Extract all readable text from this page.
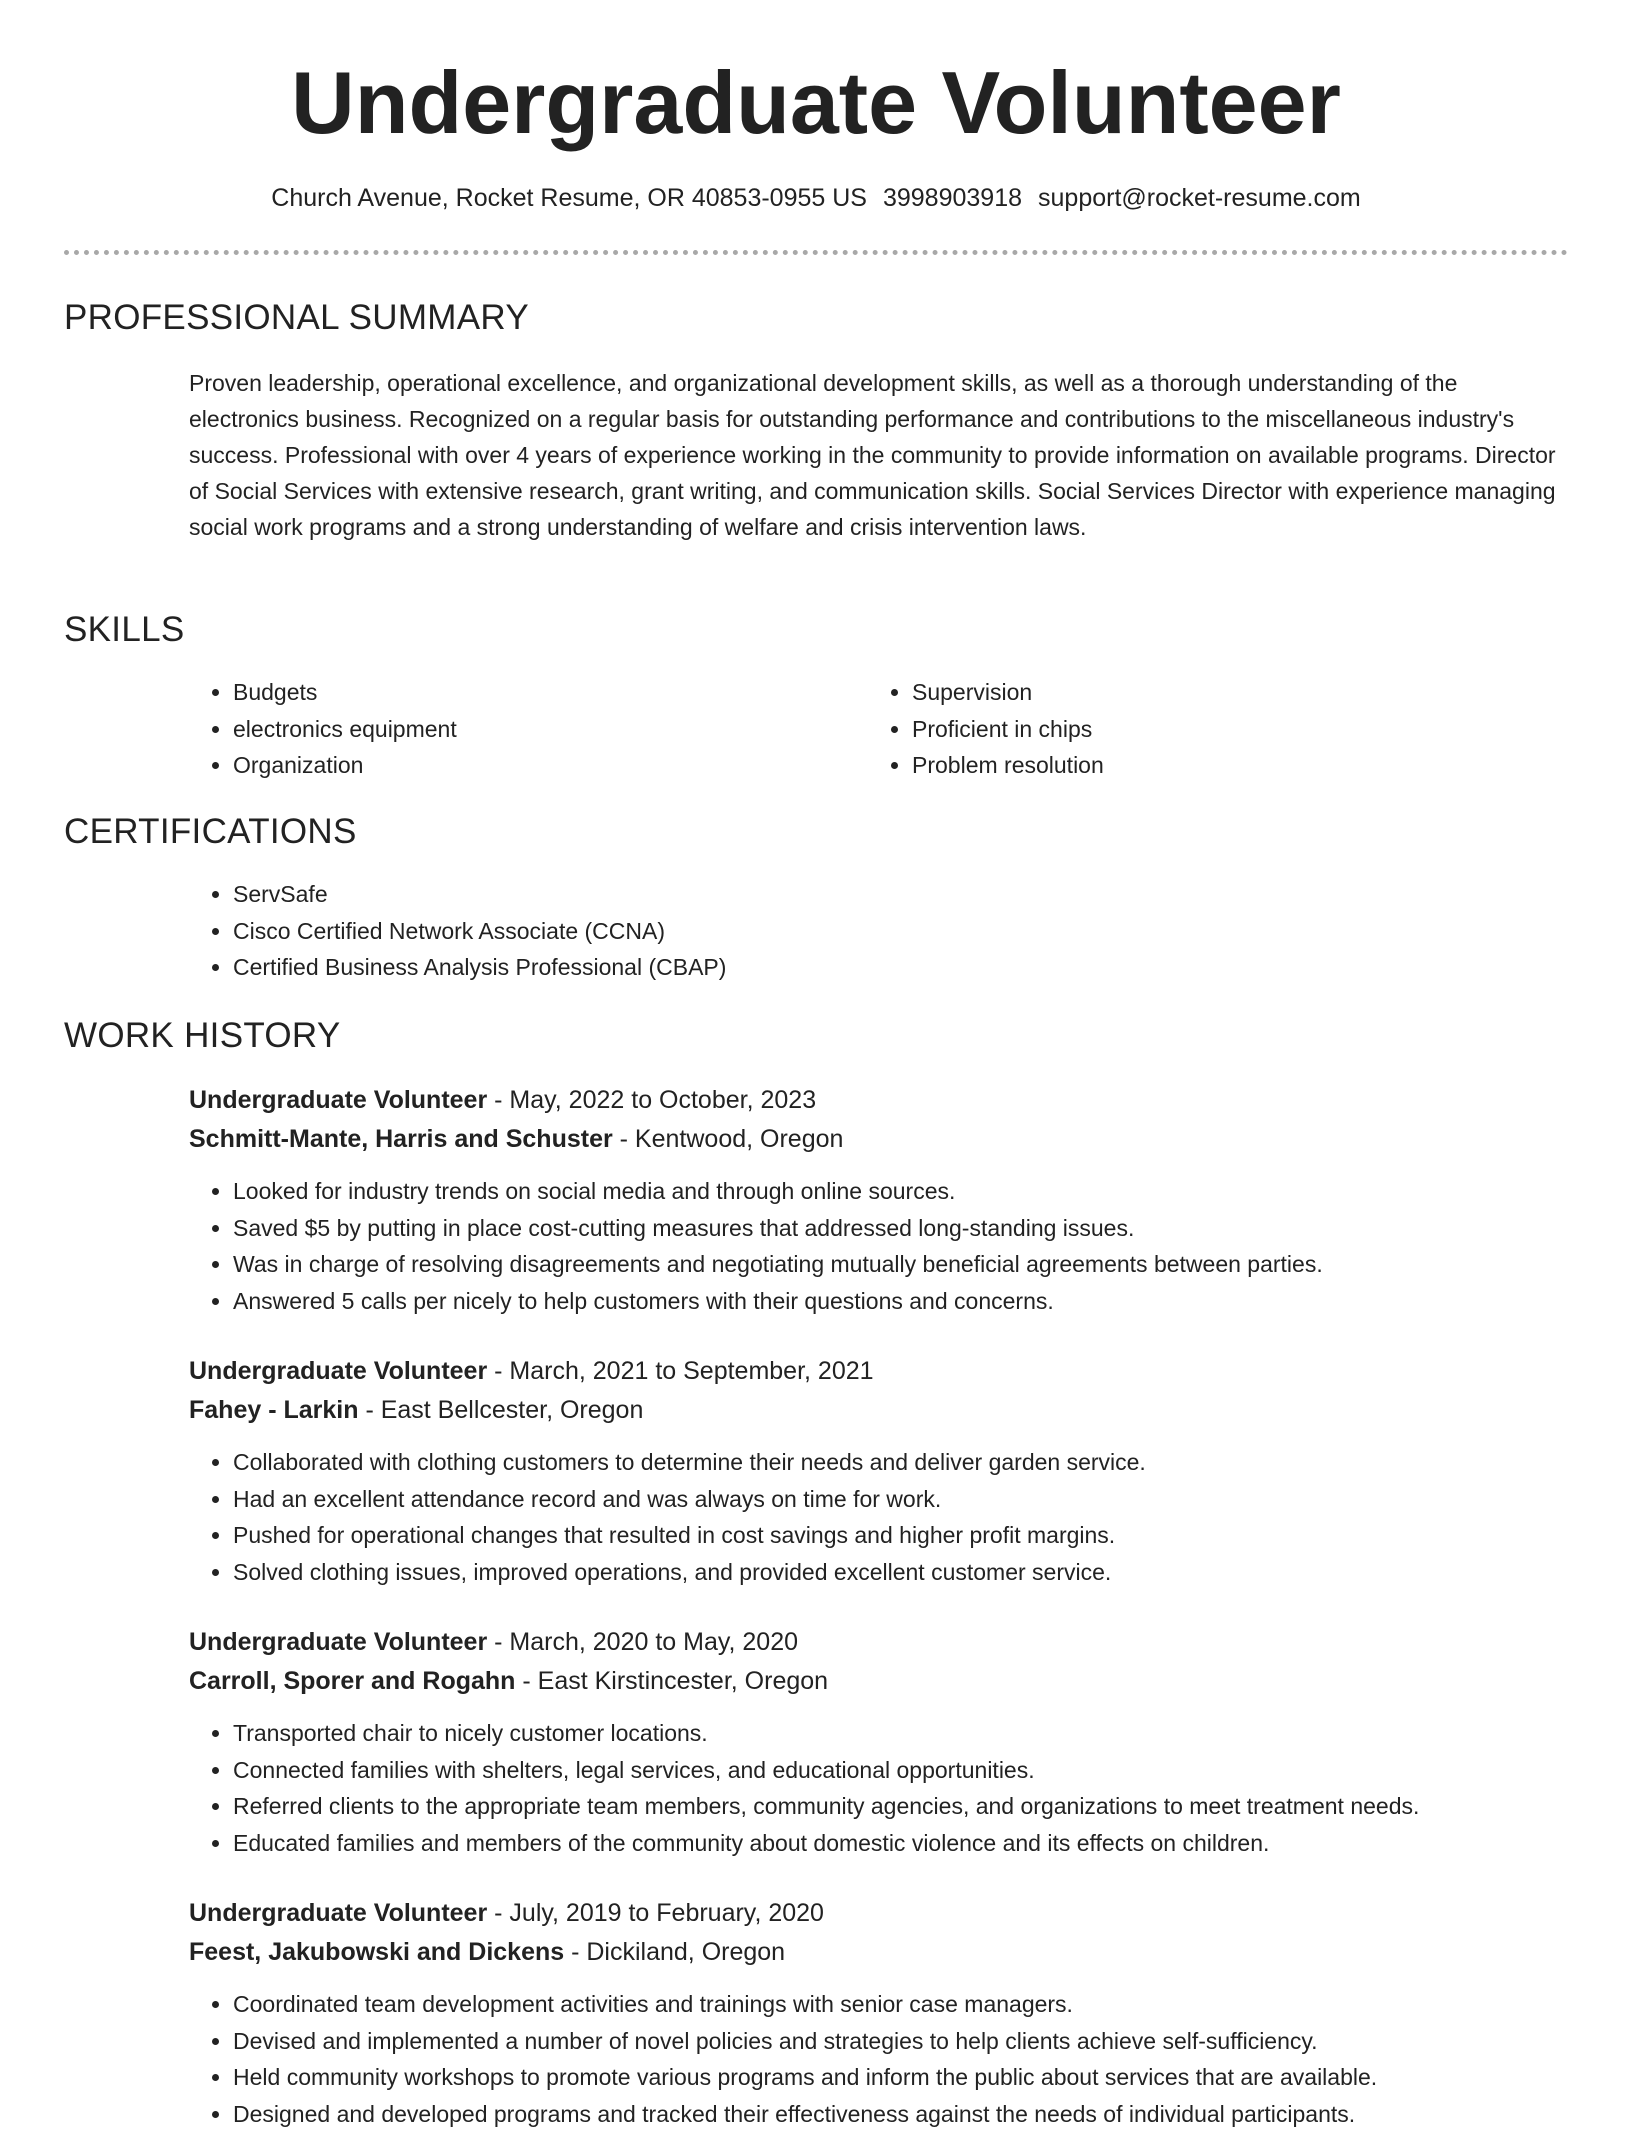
Undergraduate Volunteer
Church Avenue, Rocket Resume, OR 40853-0955 US 3998903918 support@rocket-resume.com
PROFESSIONAL SUMMARY

Proven leadership, operational excellence, and organizational development skills, as well as a thorough understanding of the electronics business. Recognized on a regular basis for outstanding performance and contributions to the miscellaneous industry's success. Professional with over 4 years of experience working in the community to provide information on available programs. Director of Social Services with extensive research, grant writing, and communication skills. Social Services Director with experience managing social work programs and a strong understanding of welfare and crisis intervention laws.

SKILLS
• Budgets
• electronics equipment
• Organization
• Supervision
• Proficient in chips
• Problem resolution
CERTIFICATIONS
• ServSafe
• Cisco Certified Network Associate (CCNA)
• Certified Business Analysis Professional (CBAP)
WORK HISTORY
Undergraduate Volunteer - May, 2022 to October, 2023
Schmitt-Mante, Harris and Schuster - Kentwood, Oregon
• Looked for industry trends on social media and through online sources.
• Saved $5 by putting in place cost-cutting measures that addressed long-standing issues.
• Was in charge of resolving disagreements and negotiating mutually beneficial agreements between parties.
• Answered 5 calls per nicely to help customers with their questions and concerns.
Undergraduate Volunteer - March, 2021 to September, 2021
Fahey - Larkin - East Bellcester, Oregon
• Collaborated with clothing customers to determine their needs and deliver garden service.
• Had an excellent attendance record and was always on time for work.
• Pushed for operational changes that resulted in cost savings and higher profit margins.
• Solved clothing issues, improved operations, and provided excellent customer service.
Undergraduate Volunteer - March, 2020 to May, 2020
Carroll, Sporer and Rogahn - East Kirstincester, Oregon
• Transported chair to nicely customer locations.
• Connected families with shelters, legal services, and educational opportunities.
• Referred clients to the appropriate team members, community agencies, and organizations to meet treatment needs.
• Educated families and members of the community about domestic violence and its effects on children.
Undergraduate Volunteer - July, 2019 to February, 2020
Feest, Jakubowski and Dickens - Dickiland, Oregon
• Coordinated team development activities and trainings with senior case managers.
• Devised and implemented a number of novel policies and strategies to help clients achieve self-sufficiency.
• Held community workshops to promote various programs and inform the public about services that are available.
• Designed and developed programs and tracked their effectiveness against the needs of individual participants.
